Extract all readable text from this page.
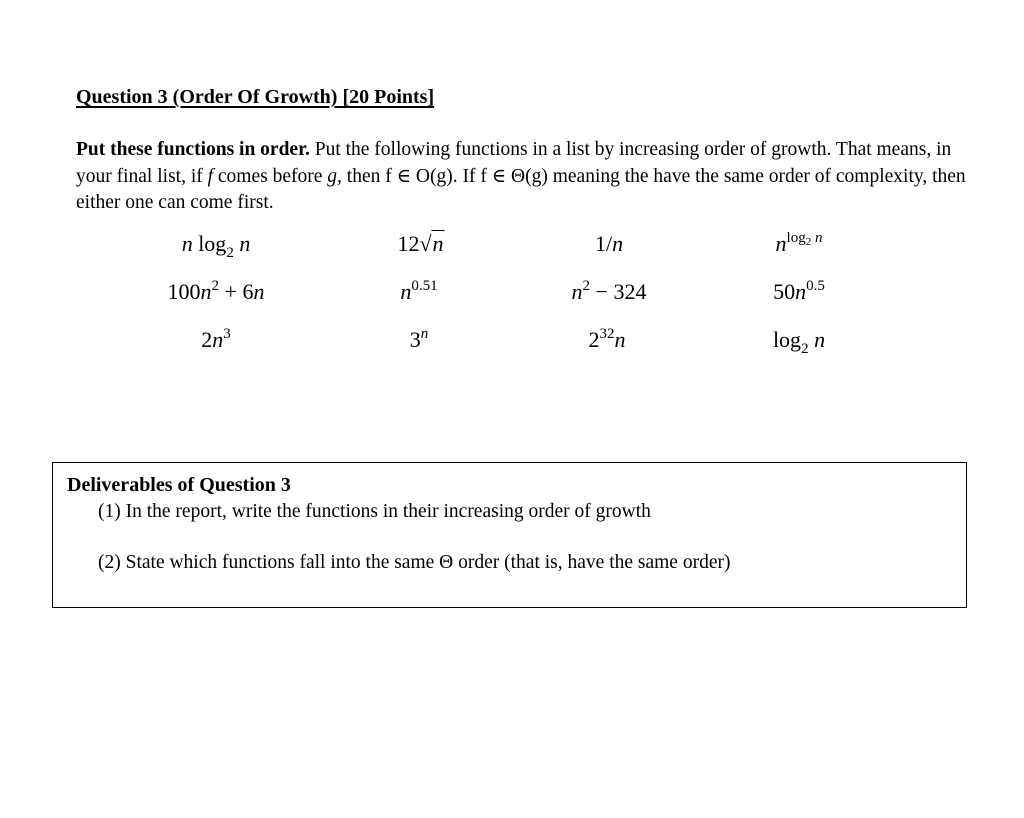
Question 3 (Order Of Growth) [20 Points]
Put these functions in order. Put the following functions in a list by increasing order of growth. That means, in your final list, if f comes before g, then f ∈ O(g). If f ∈ Θ(g) meaning the have the same order of complexity, then either one can come first.
n $\log_2 n$	12√n	1/n	$n^{log_2 n}$
$100n^2 + 6n$	$n^{0.51}$	$n^2 - 324$	$50n^{0.5}$
$2n^3$	3$^n$	$2^{32}n$	$\log_2 n$
Deliverables of Question 3
(1) In the report, write the functions in their increasing order of growth
(2) State which functions fall into the same Θ order (that is, have the same order)
